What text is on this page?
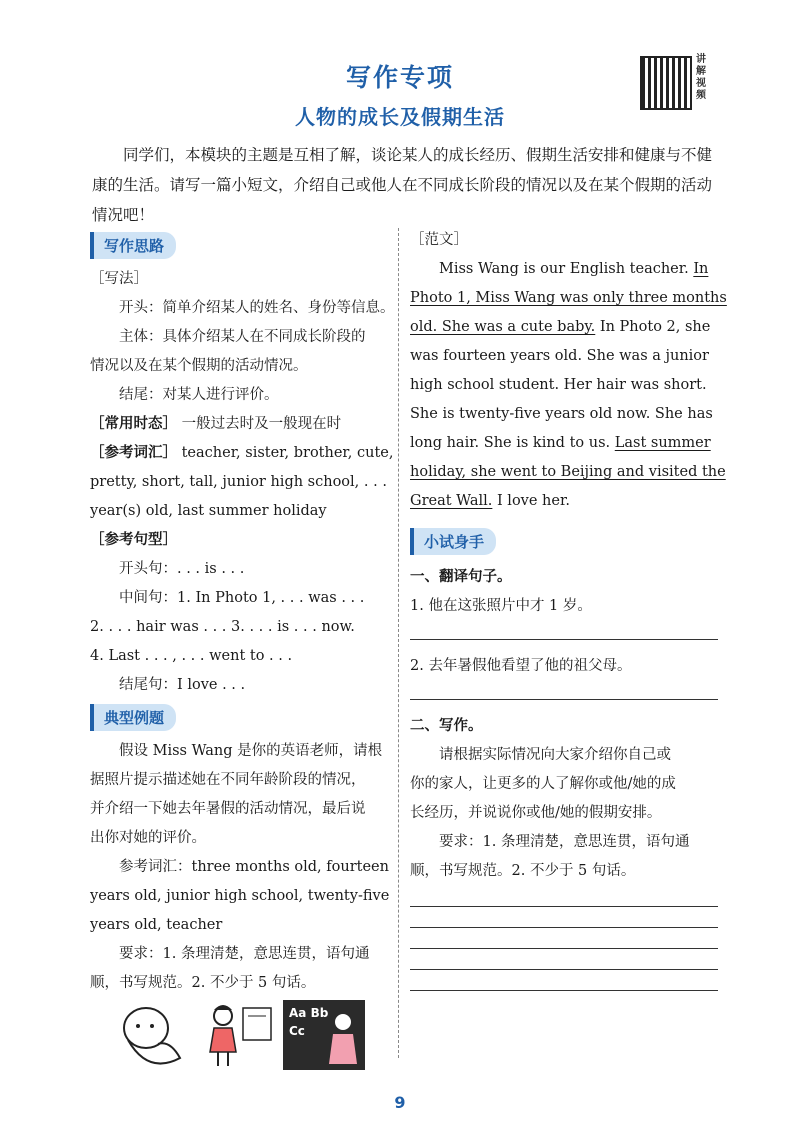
写作专项
人物的成长及假期生活
讲解视频

同学们，本模块的主题是互相了解，谈论某人的成长经历、假期生活安排和健康与不健康的生活。请写一篇小短文，介绍自己或他人在不同成长阶段的情况以及在某个假期的活动情况吧！

写作思路

［写法］

开头：简单介绍某人的姓名、身份等信息。

主体：具体介绍某人在不同成长阶段的

情况以及在某个假期的活动情况。

结尾：对某人进行评价。

［常用时态］ 一般过去时及一般现在时

［参考词汇］ teacher, sister, brother, cute,

pretty, short, tall, junior high school, . . .

year(s) old, last summer holiday

［参考句型］

开头句：. . . is . . .

中间句：1. In Photo 1, . . . was . . .

2. . . . hair was . . . 3. . . . is . . . now.

4. Last . . . , . . . went to . . .

结尾句：I love . . .

典型例题

假设 Miss Wang 是你的英语老师，请根

据照片提示描述她在不同年龄阶段的情况，

并介绍一下她去年暑假的活动情况，最后说

出你对她的评价。

参考词汇：three months old, fourteen

years old, junior high school, twenty-five

years old, teacher

要求：1. 条理清楚，意思连贯，语句通

顺，书写规范。2. 不少于 5 句话。

Aa Bb
Cc

［范文］

Miss Wang is our English teacher. In

Photo 1, Miss Wang was only three months

old. She was a cute baby. In Photo 2, she

was fourteen years old. She was a junior

high school student. Her hair was short.

She is twenty-five years old now. She has

long hair. She is kind to us. Last summer

holiday, she went to Beijing and visited the

Great Wall. I love her.

小试身手

一、翻译句子。

1. 他在这张照片中才 1 岁。

2. 去年暑假他看望了他的祖父母。

二、写作。

请根据实际情况向大家介绍你自己或

你的家人，让更多的人了解你或他/她的成

长经历，并说说你或他/她的假期安排。

要求：1. 条理清楚，意思连贯，语句通

顺，书写规范。2. 不少于 5 句话。

9
